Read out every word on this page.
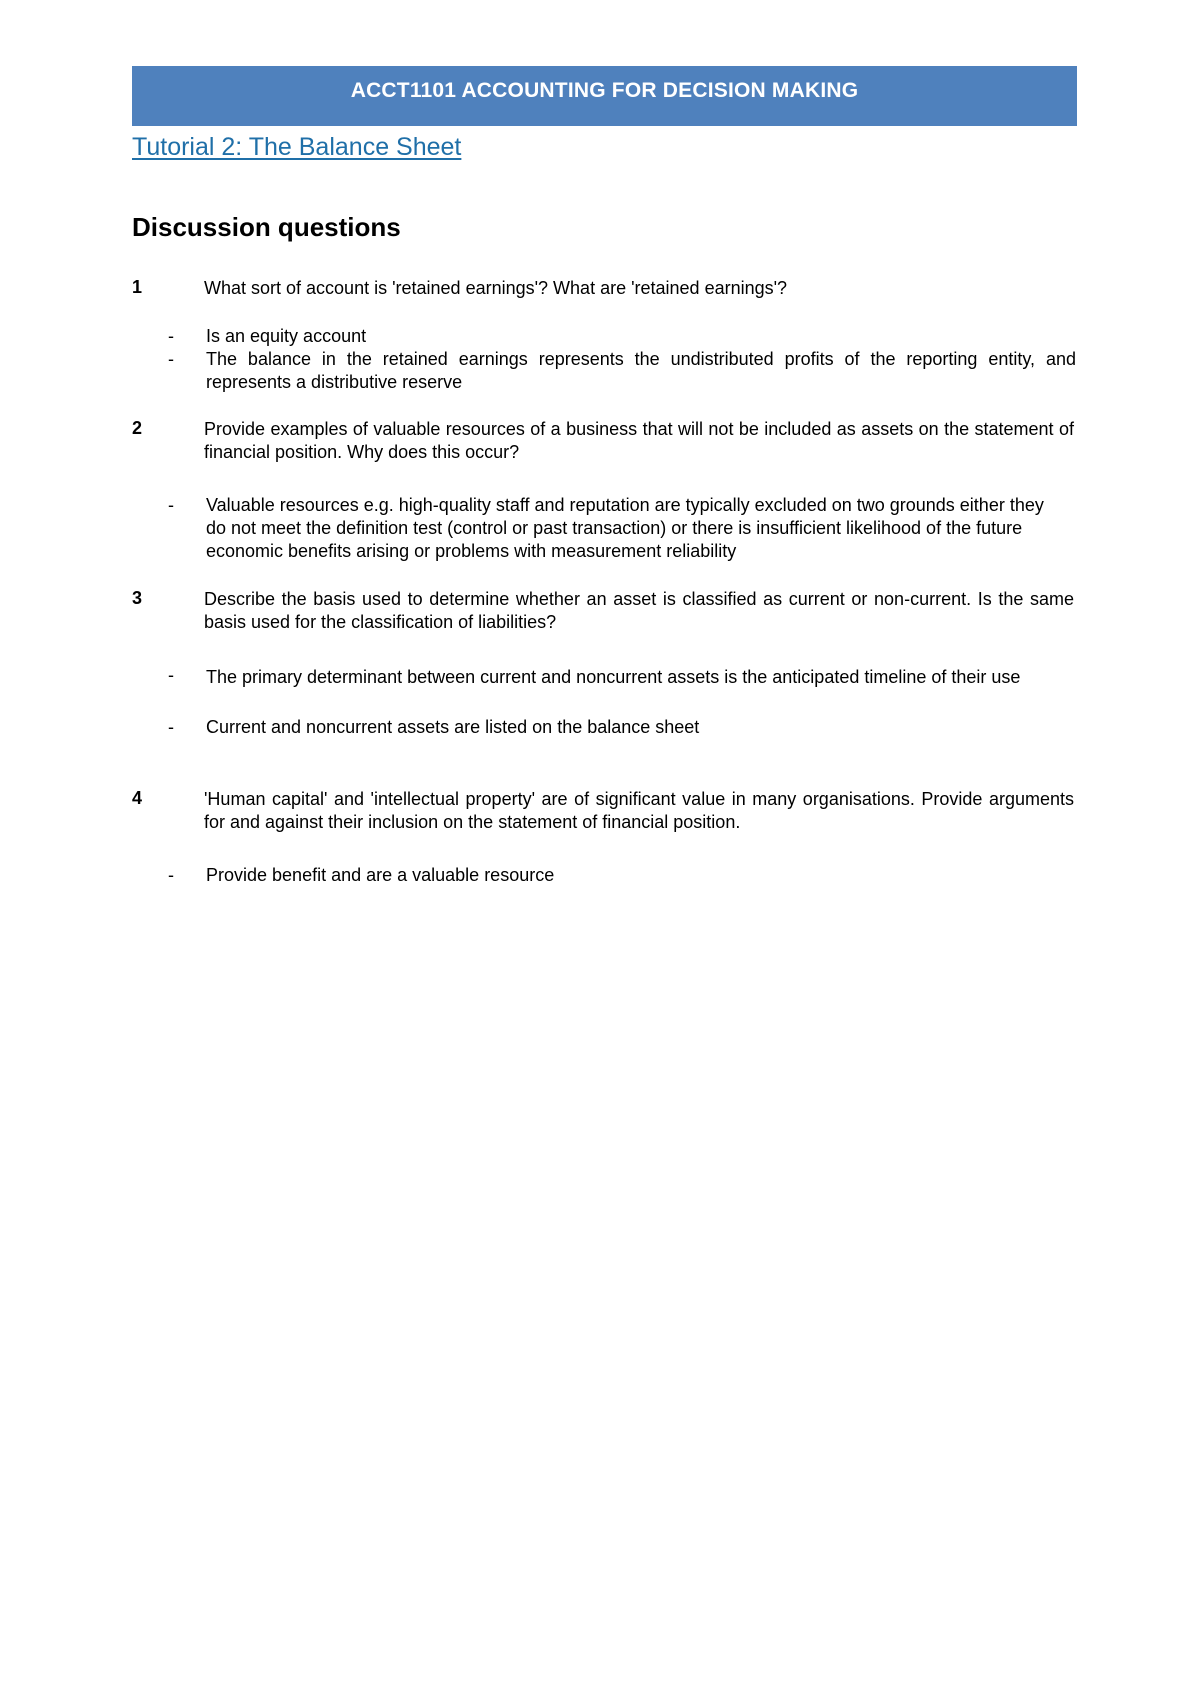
ACCT1101 ACCOUNTING FOR DECISION MAKING
Tutorial 2: The Balance Sheet
Discussion questions
1	What sort of account is 'retained earnings'? What are 'retained earnings'?
- Is an equity account
- The balance in the retained earnings represents the undistributed profits of the reporting entity, and represents a distributive reserve
2	Provide examples of valuable resources of a business that will not be included as assets on the statement of financial position. Why does this occur?
- Valuable resources e.g. high-quality staff and reputation are typically excluded on two grounds either they do not meet the definition test (control or past transaction) or there is insufficient likelihood of the future economic benefits arising or problems with measurement reliability
3	Describe the basis used to determine whether an asset is classified as current or non-current. Is the same basis used for the classification of liabilities?
- The primary determinant between current and noncurrent assets is the anticipated timeline of their use
- Current and noncurrent assets are listed on the balance sheet
4	'Human capital' and 'intellectual property' are of significant value in many organisations. Provide arguments for and against their inclusion on the statement of financial position.
- Provide benefit and are a valuable resource
